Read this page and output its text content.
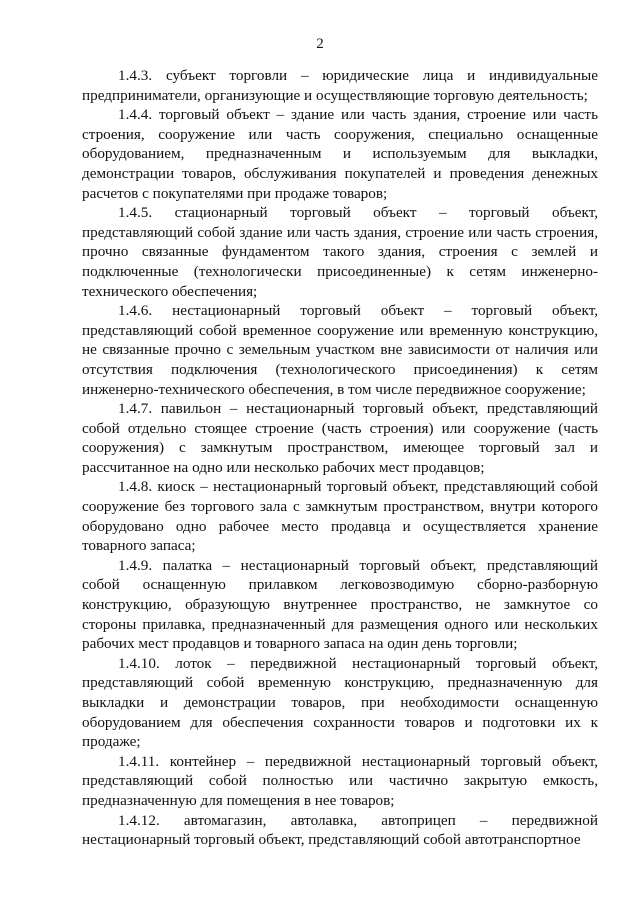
2

1.4.3. субъект торговли – юридические лица и индивидуальные предприниматели, организующие и осуществляющие торговую деятельность;

1.4.4. торговый объект – здание или часть здания, строение или часть строения, сооружение или часть сооружения, специально оснащенные оборудованием, предназначенным и используемым для выкладки, демонстрации товаров, обслуживания покупателей и проведения денежных расчетов с покупателями при продаже товаров;

1.4.5. стационарный торговый объект – торговый объект, представляющий собой здание или часть здания, строение или часть строения, прочно связанные фундаментом такого здания, строения с землей и подключенные (технологически присоединенные) к сетям инженерно-технического обеспечения;

1.4.6. нестационарный торговый объект – торговый объект, представляющий собой временное сооружение или временную конструкцию, не связанные прочно с земельным участком вне зависимости от наличия или отсутствия подключения (технологического присоединения) к сетям инженерно-технического обеспечения, в том числе передвижное сооружение;

1.4.7. павильон – нестационарный торговый объект, представляющий собой отдельно стоящее строение (часть строения) или сооружение (часть сооружения) с замкнутым пространством, имеющее торговый зал и рассчитанное на одно или несколько рабочих мест продавцов;

1.4.8. киоск – нестационарный торговый объект, представляющий собой сооружение без торгового зала с замкнутым пространством, внутри которого оборудовано одно рабочее место продавца и осуществляется хранение товарного запаса;

1.4.9. палатка – нестационарный торговый объект, представляющий собой оснащенную прилавком легковозводимую сборно-разборную конструкцию, образующую внутреннее пространство, не замкнутое со стороны прилавка, предназначенный для размещения одного или нескольких рабочих мест продавцов и товарного запаса на один день торговли;

1.4.10. лоток – передвижной нестационарный торговый объект, представляющий собой временную конструкцию, предназначенную для выкладки и демонстрации товаров, при необходимости оснащенную оборудованием для обеспечения сохранности товаров и подготовки их к продаже;

1.4.11. контейнер – передвижной нестационарный торговый объект, представляющий собой полностью или частично закрытую емкость, предназначенную для помещения в нее товаров;

1.4.12. автомагазин, автолавка, автоприцеп – передвижной нестационарный торговый объект, представляющий собой автотранспортное
